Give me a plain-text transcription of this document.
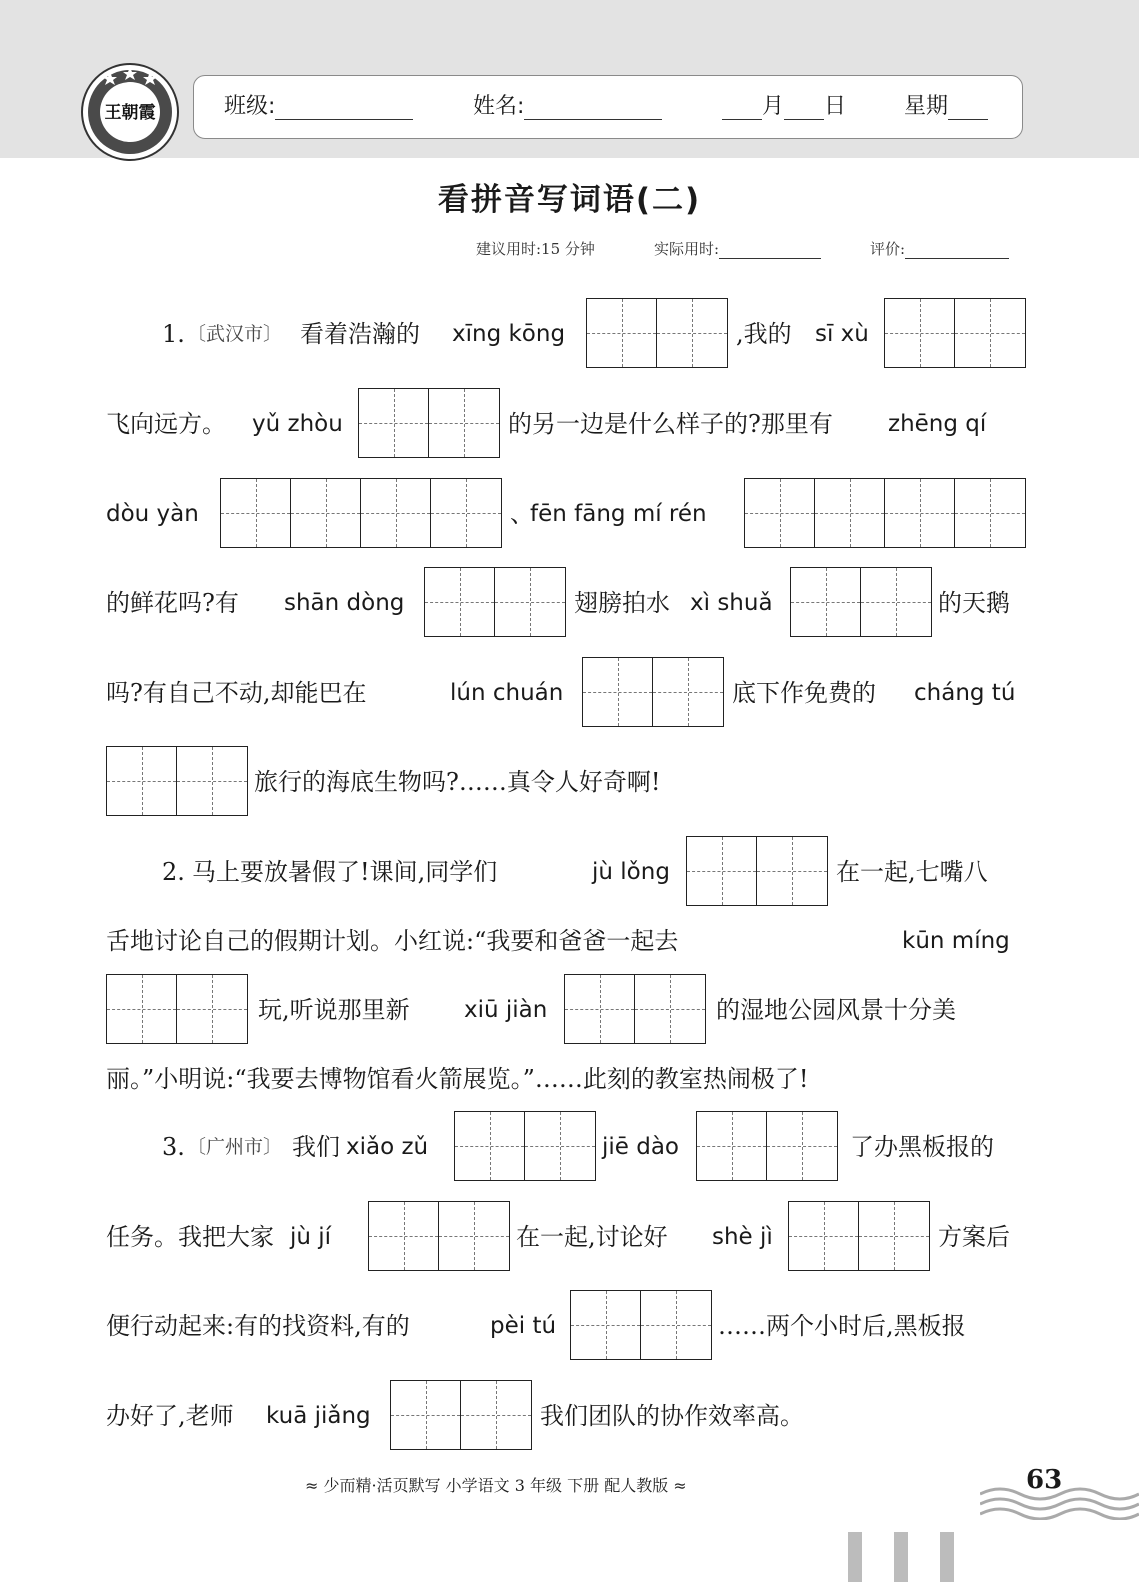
王朝霞	班级:	姓名:	月 日	星期
看拼音写词语(二)
建议用时:15 分钟	实际用时:	评价:
1. 〔武汉市〕 看着浩瀚的 xīng kōng	,我的 sī xù
飞向远方。 yǔ zhòu	的另一边是什么样子的?那里有 zhēng qí
dòu yàn	、
fēn fāng mí rén
的鲜花吗?有 shān dòng	翅膀拍水 xì shuǎ	的天鹅
吗?有自己不动,却能巴在	lún chuán	底下作免费的 cháng tú
旅行的海底生物吗?……真令人好奇啊!
2. 马上要放暑假了!课间,同学们	jù lǒng	在一起,七嘴八
舌地讨论自己的假期计划。小红说:“我要和爸爸一起去	kūn míng
玩,听说那里新 xiū jiàn	的湿地公园风景十分美
丽。”小明说:“我要去博物馆看火箭展览。”……此刻的教室热闹极了!
3. 〔广州市〕 我们 xiǎo zǔ	jiē dào	了办黑板报的
任务。我把大家 jù jí	在一起,讨论好 shè jì	方案后
便行动起来:有的找资料,有的	pèi tú	……两个小时后,黑板报
办好了,老师 kuā jiǎng	我们团队的协作效率高。
≈ 少而精·活页默写 小学语文 3 年级 下册 配人教版 ≈	63
